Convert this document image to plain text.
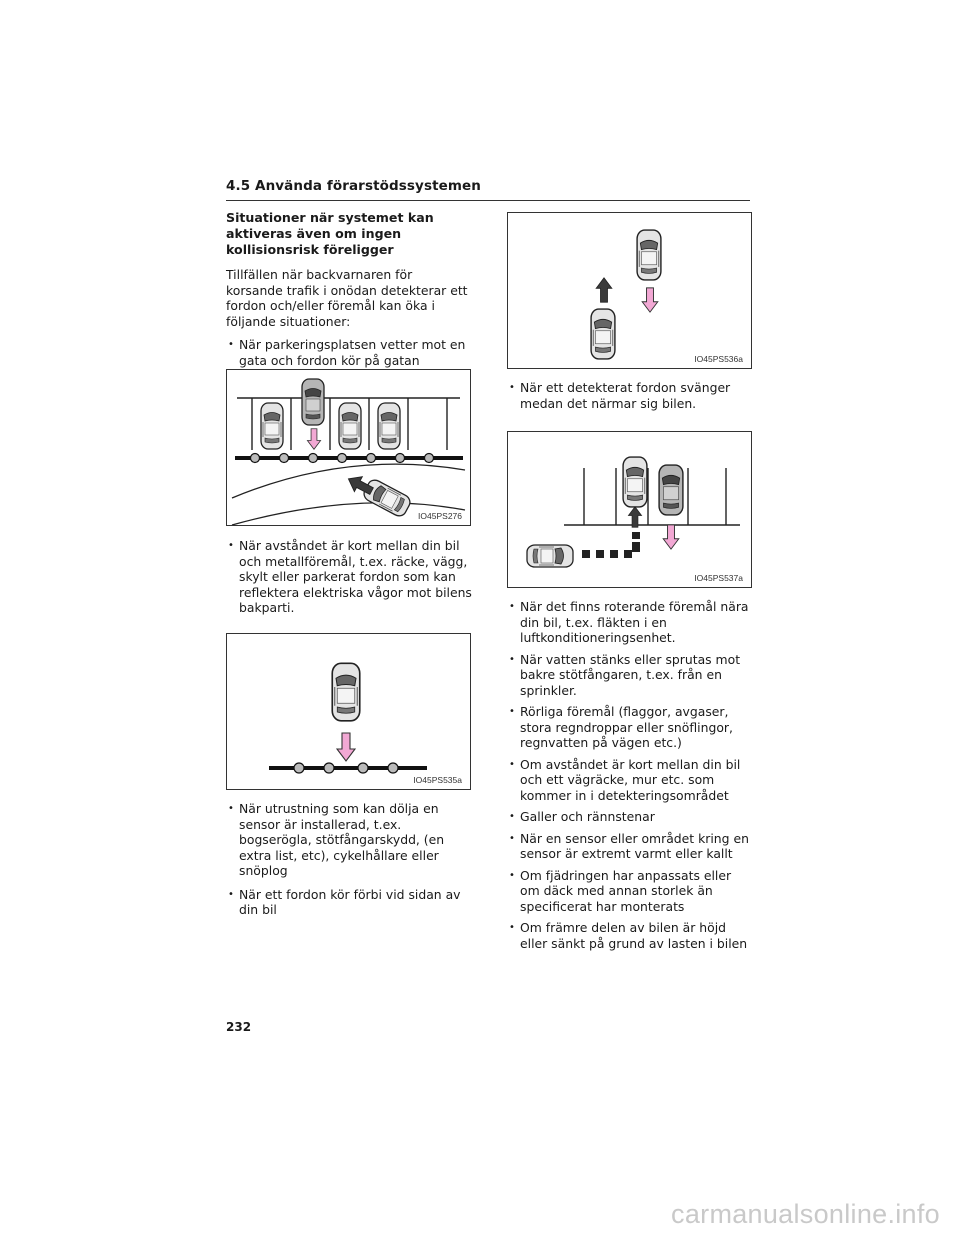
4.5 Använda förarstödssystemen

Situationer när systemet kan aktiveras även om ingen kollisionsrisk föreligger

Tillfällen när backvarnaren för korsande trafik i onödan detekterar ett fordon och/eller föremål kan öka i följande situationer:

• När parkeringsplatsen vetter mot en gata och fordon kör på gatan

IO45PS276

• När avståndet är kort mellan din bil och metallföremål, t.ex. räcke, vägg, skylt eller parkerat fordon som kan reflektera elektriska vågor mot bilens bakparti.

IO45PS535a

• När utrustning som kan dölja en sensor är installerad, t.ex. bogserögla, stötfångarskydd, (en extra list, etc), cykelhållare eller snöplog

• När ett fordon kör förbi vid sidan av din bil

IO45PS536a

• När ett detekterat fordon svänger medan det närmar sig bilen.

IO45PS537a

• När det finns roterande föremål nära din bil, t.ex. fläkten i en luftkonditioneringsenhet.

• När vatten stänks eller sprutas mot bakre stötfångaren, t.ex. från en sprinkler.

• Rörliga föremål (flaggor, avgaser, stora regndroppar eller snöflingor, regnvatten på vägen etc.)

• Om avståndet är kort mellan din bil och ett vägräcke, mur etc. som kommer in i detekteringsområdet

• Galler och rännstenar

• När en sensor eller området kring en sensor är extremt varmt eller kallt

• Om fjädringen har anpassats eller om däck med annan storlek än specificerat har monterats

• Om främre delen av bilen är höjd eller sänkt på grund av lasten i bilen

232
carmanualsonline.info
